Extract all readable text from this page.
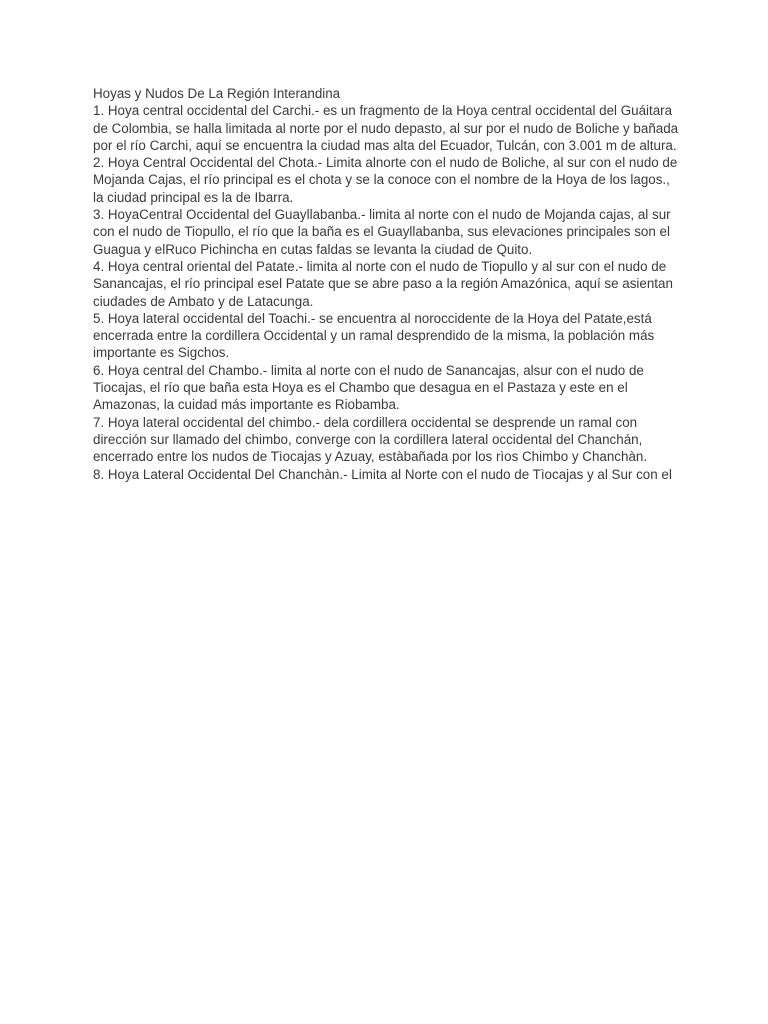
Hoyas y Nudos De La Región Interandina

1. Hoya central occidental del Carchi.- es un fragmento de la Hoya central occidental del Guáitara de Colombia, se halla limitada al norte por el nudo depasto, al sur por el nudo de Boliche y bañada por el río Carchi, aquí se encuentra la ciudad mas alta del Ecuador, Tulcán, con 3.001 m de altura.

2. Hoya Central Occidental del Chota.- Limita alnorte con el nudo de Boliche, al sur con el nudo de Mojanda Cajas, el río principal es el chota y se la conoce con el nombre de la Hoya de los lagos., la ciudad principal es la de Ibarra.

3. HoyaCentral Occidental del Guayllabanba.- limita al norte con el nudo de Mojanda cajas, al sur con el nudo de Tiopullo, el río que la baña es el Guayllabanba, sus elevaciones principales son el Guagua y elRuco Pichincha en cutas faldas se levanta la ciudad de Quito.

4. Hoya central oriental del Patate.- limita al norte con el nudo de Tiopullo y al sur con el nudo de Sanancajas, el río principal esel Patate que se abre paso a la región Amazónica, aquí se asientan ciudades de Ambato y de Latacunga.

5. Hoya lateral occidental del Toachi.- se encuentra al noroccidente de la Hoya del Patate,está encerrada entre la cordillera Occidental y un ramal desprendido de la misma, la población más importante es Sigchos.

6. Hoya central del Chambo.- limita al norte con el nudo de Sanancajas, alsur con el nudo de Tiocajas, el río que baña esta Hoya es el Chambo que desagua en el Pastaza y este en el Amazonas, la cuidad más importante es Riobamba.

7. Hoya lateral occidental del chimbo.- dela cordillera occidental se desprende un ramal con dirección sur llamado del chimbo, converge con la cordillera lateral occidental del Chanchán, encerrado entre los nudos de Tìocajas y Azuay, estàbañada por los rìos Chimbo y Chanchàn.

8. Hoya Lateral Occidental Del Chanchàn.- Limita al Norte con el nudo de Tìocajas y al Sur con el
